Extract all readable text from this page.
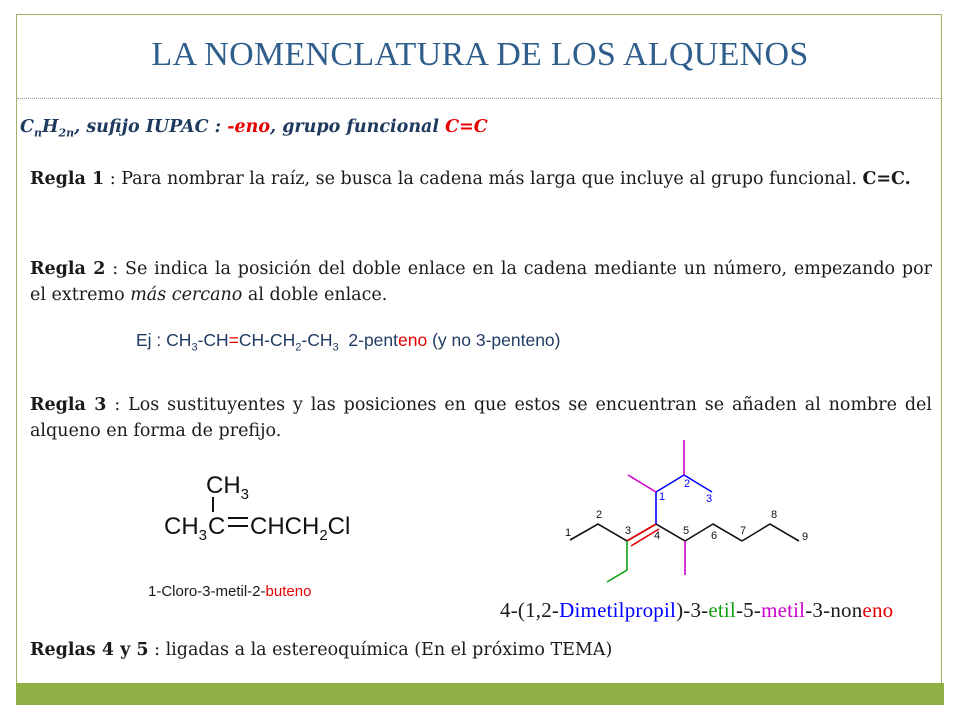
LA NOMENCLATURA DE LOS ALQUENOS
$C_nH_{2n}$, sufijo IUPAC : -eno, grupo funcional C=C
Regla 1 : Para nombrar la raíz, se busca la cadena más larga que incluye al grupo funcional. C=C.
Regla 2 : Se indica la posición del doble enlace en la cadena mediante un número, empezando por el extremo más cercano al doble enlace.
Ej : $CH_3-CH=CH-CH_2-CH_3$  2-penteno (y no 3-penteno)
Regla 3 : Los sustituyentes y las posiciones en que estos se encuentran se añaden al nombre del alqueno en forma de prefijo.
$CH_3$
$CH_3$ C $CHCH_2Cl$
1-Cloro-3-metil-2-buteno
1
2
3 4 5 6 7
8
9
1
2
3
4-(1,2-Dimetilpropil)-3-etil-5-metil-3-noneno
Reglas 4 y 5 : ligadas a la estereoquímica (En el próximo TEMA)
